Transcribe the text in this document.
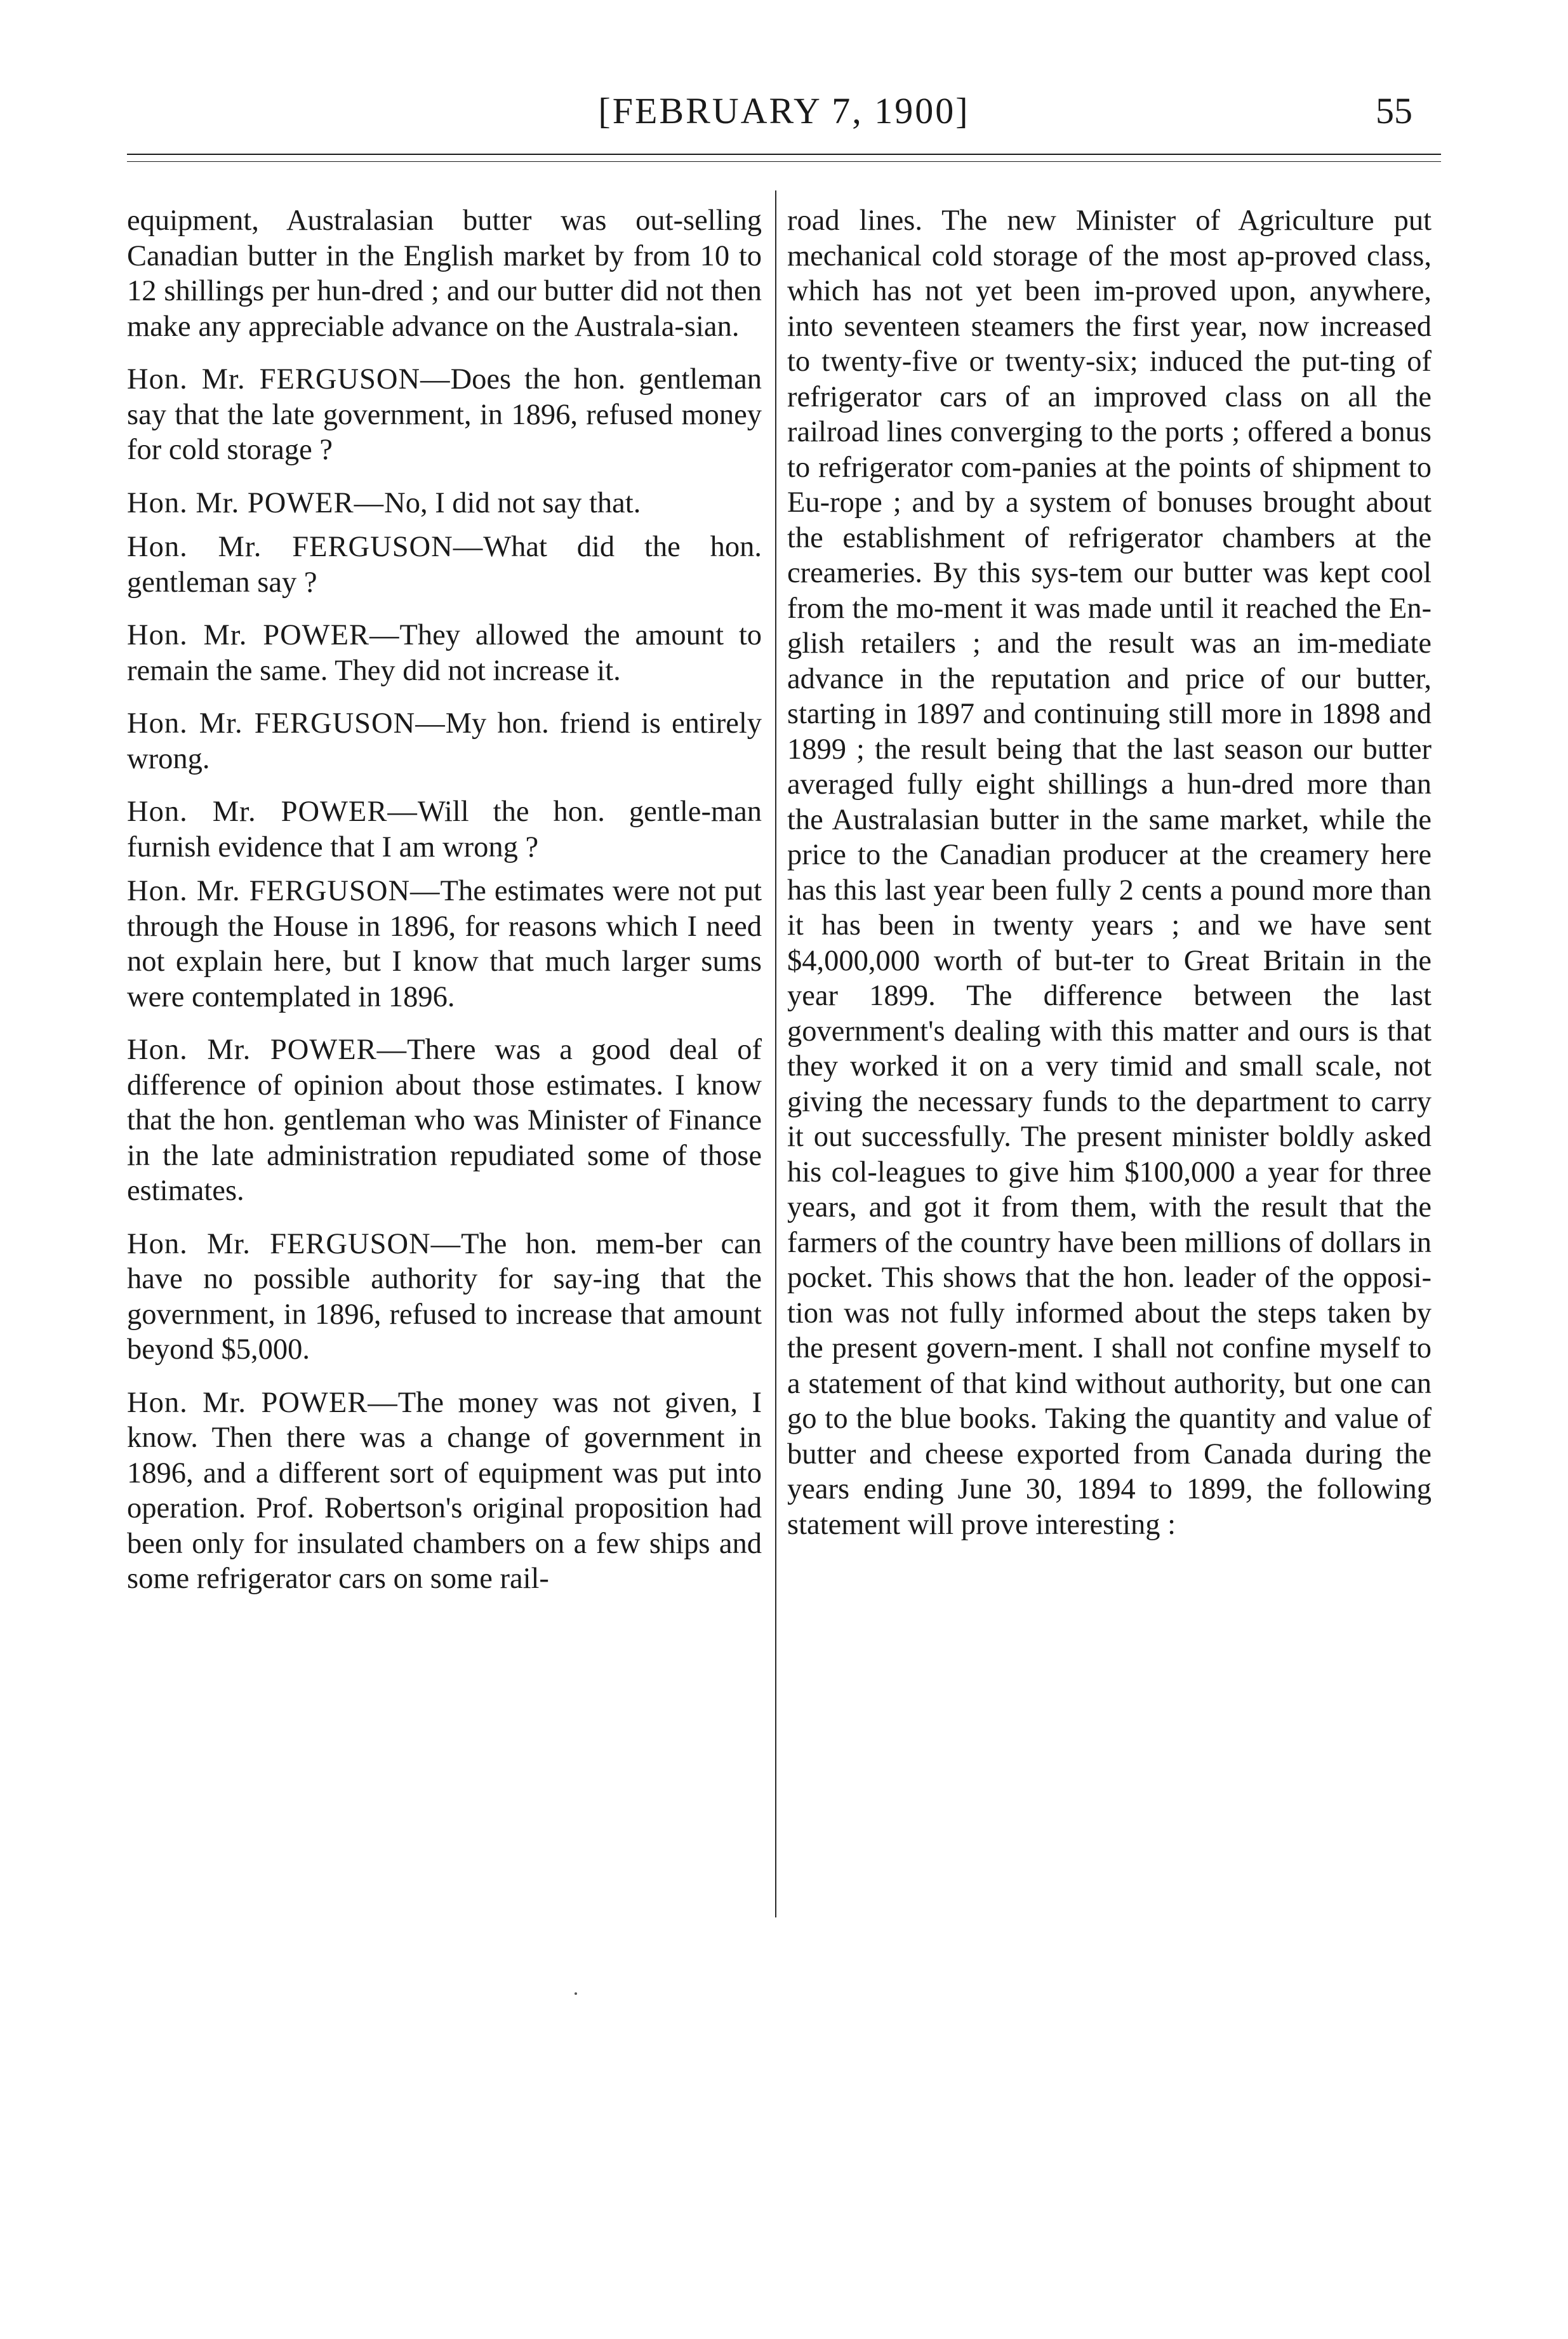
[FEBRUARY 7, 1900]	55

equipment, Australasian butter was out-selling Canadian butter in the English market by from 10 to 12 shillings per hun-dred ; and our butter did not then make any appreciable advance on the Australa-sian.

Hon. Mr. FERGUSON—Does the hon. gentleman say that the late government, in 1896, refused money for cold storage ?

Hon. Mr. POWER—No, I did not say that.

Hon. Mr. FERGUSON—What did the hon. gentleman say ?

Hon. Mr. POWER—They allowed the amount to remain the same. They did not increase it.

Hon. Mr. FERGUSON—My hon. friend is entirely wrong.

Hon. Mr. POWER—Will the hon. gentle-man furnish evidence that I am wrong ?

Hon. Mr. FERGUSON—The estimates were not put through the House in 1896, for reasons which I need not explain here, but I know that much larger sums were contemplated in 1896.

Hon. Mr. POWER—There was a good deal of difference of opinion about those estimates. I know that the hon. gentleman who was Minister of Finance in the late administration repudiated some of those estimates.

Hon. Mr. FERGUSON—The hon. mem-ber can have no possible authority for say-ing that the government, in 1896, refused to increase that amount beyond $5,000.

Hon. Mr. POWER—The money was not given, I know. Then there was a change of government in 1896, and a different sort of equipment was put into operation. Prof. Robertson's original proposition had been only for insulated chambers on a few ships and some refrigerator cars on some rail-

road lines. The new Minister of Agriculture put mechanical cold storage of the most ap-proved class, which has not yet been im-proved upon, anywhere, into seventeen steamers the first year, now increased to twenty-five or twenty-six; induced the put-ting of refrigerator cars of an improved class on all the railroad lines converging to the ports ; offered a bonus to refrigerator com-panies at the points of shipment to Eu-rope ; and by a system of bonuses brought about the establishment of refrigerator chambers at the creameries. By this sys-tem our butter was kept cool from the mo-ment it was made until it reached the En-glish retailers ; and the result was an im-mediate advance in the reputation and price of our butter, starting in 1897 and continuing still more in 1898 and 1899 ; the result being that the last season our butter averaged fully eight shillings a hun-dred more than the Australasian butter in the same market, while the price to the Canadian producer at the creamery here has this last year been fully 2 cents a pound more than it has been in twenty years ; and we have sent $4,000,000 worth of but-ter to Great Britain in the year 1899. The difference between the last government's dealing with this matter and ours is that they worked it on a very timid and small scale, not giving the necessary funds to the department to carry it out successfully. The present minister boldly asked his col-leagues to give him $100,000 a year for three years, and got it from them, with the result that the farmers of the country have been millions of dollars in pocket. This shows that the hon. leader of the opposi-tion was not fully informed about the steps taken by the present govern-ment. I shall not confine myself to a statement of that kind without authority, but one can go to the blue books. Taking the quantity and value of butter and cheese exported from Canada during the years ending June 30, 1894 to 1899, the following statement will prove interesting :
